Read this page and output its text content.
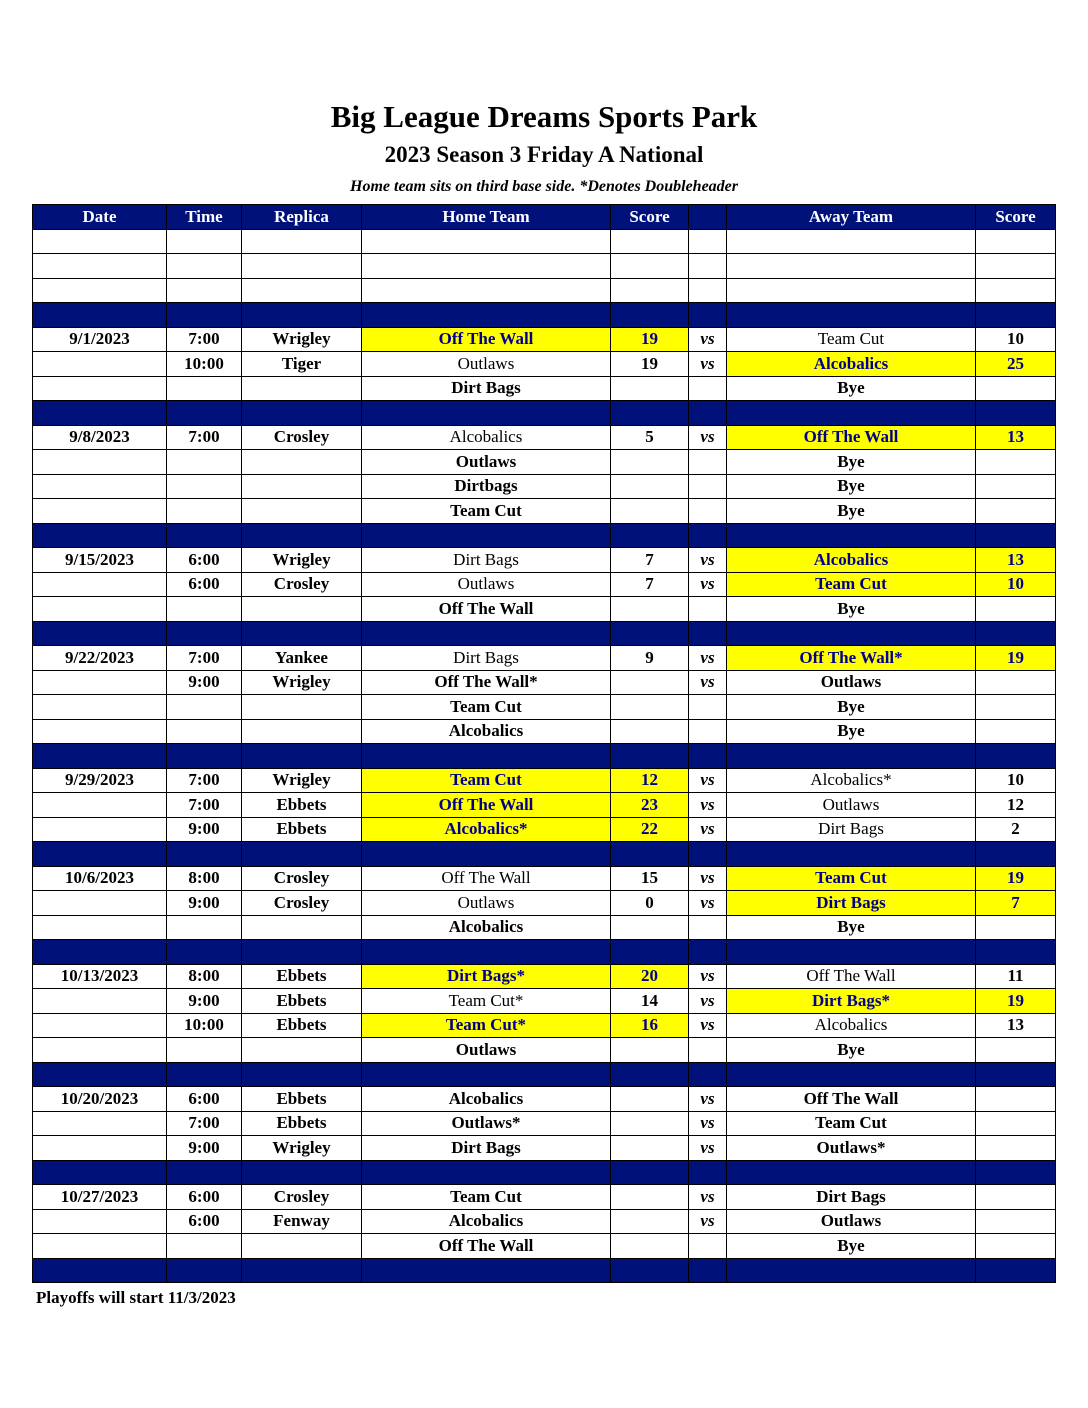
Big League Dreams Sports Park
2023 Season 3 Friday A National
Home team sits on third base side. *Denotes Doubleheader
Date	Time	Replica	Home Team	Score		Away Team	Score

9/1/2023	7:00	Wrigley	Off The Wall	19	vs	Team Cut	10
	10:00	Tiger	Outlaws	19	vs	Alcobalics	25
			Dirt Bags			Bye	

9/8/2023	7:00	Crosley	Alcobalics	5	vs	Off The Wall	13
			Outlaws			Bye	
			Dirtbags			Bye	
			Team Cut			Bye	

9/15/2023	6:00	Wrigley	Dirt Bags	7	vs	Alcobalics	13
	6:00	Crosley	Outlaws	7	vs	Team Cut	10
			Off The Wall			Bye	

9/22/2023	7:00	Yankee	Dirt Bags	9	vs	Off The Wall*	19
	9:00	Wrigley	Off The Wall*		vs	Outlaws	
			Team Cut			Bye	
			Alcobalics			Bye	

9/29/2023	7:00	Wrigley	Team Cut	12	vs	Alcobalics*	10
	7:00	Ebbets	Off The Wall	23	vs	Outlaws	12
	9:00	Ebbets	Alcobalics*	22	vs	Dirt Bags	2

10/6/2023	8:00	Crosley	Off The Wall	15	vs	Team Cut	19
	9:00	Crosley	Outlaws	0	vs	Dirt Bags	7
			Alcobalics			Bye	

10/13/2023	8:00	Ebbets	Dirt Bags*	20	vs	Off The Wall	11
	9:00	Ebbets	Team Cut*	14	vs	Dirt Bags*	19
	10:00	Ebbets	Team Cut*	16	vs	Alcobalics	13
			Outlaws			Bye	

10/20/2023	6:00	Ebbets	Alcobalics		vs	Off The Wall	
	7:00	Ebbets	Outlaws*		vs	Team Cut	
	9:00	Wrigley	Dirt Bags		vs	Outlaws*	

10/27/2023	6:00	Crosley	Team Cut		vs	Dirt Bags	
	6:00	Fenway	Alcobalics		vs	Outlaws	
			Off The Wall			Bye	

Playoffs will start 11/3/2023
